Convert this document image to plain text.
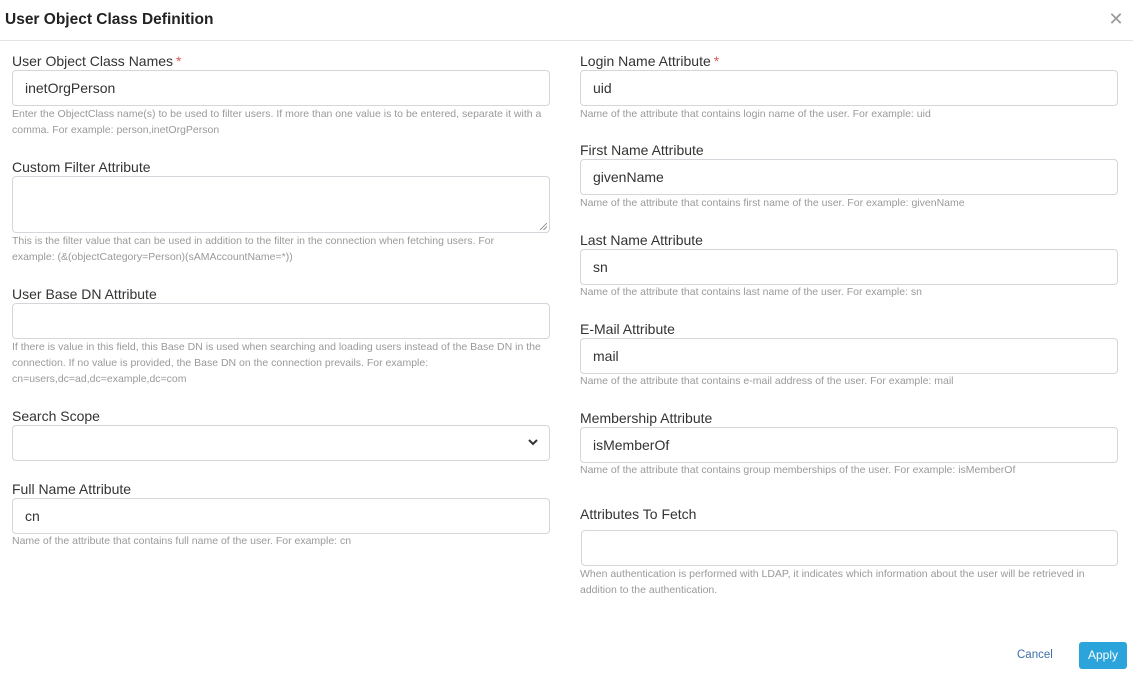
User Object Class Definition	✕
User Object Class Names *
inetOrgPerson
Enter the ObjectClass name(s) to be used to filter users. If more than one value is to be entered, separate it with a comma. For example: person,inetOrgPerson
Custom Filter Attribute
This is the filter value that can be used in addition to the filter in the connection when fetching users. For example: (&(objectCategory=Person)(sAMAccountName=*))
User Base DN Attribute
If there is value in this field, this Base DN is used when searching and loading users instead of the Base DN in the connection. If no value is provided, the Base DN on the connection prevails. For example: cn=users,dc=ad,dc=example,dc=com
Search Scope
Full Name Attribute
cn
Name of the attribute that contains full name of the user. For example: cn
Login Name Attribute *
uid
Name of the attribute that contains login name of the user. For example: uid
First Name Attribute
givenName
Name of the attribute that contains first name of the user. For example: givenName
Last Name Attribute
sn
Name of the attribute that contains last name of the user. For example: sn
E-Mail Attribute
mail
Name of the attribute that contains e-mail address of the user. For example: mail
Membership Attribute
isMemberOf
Name of the attribute that contains group memberships of the user. For example: isMemberOf
Attributes To Fetch
When authentication is performed with LDAP, it indicates which information about the user will be retrieved in addition to the authentication.
Cancel	Apply
